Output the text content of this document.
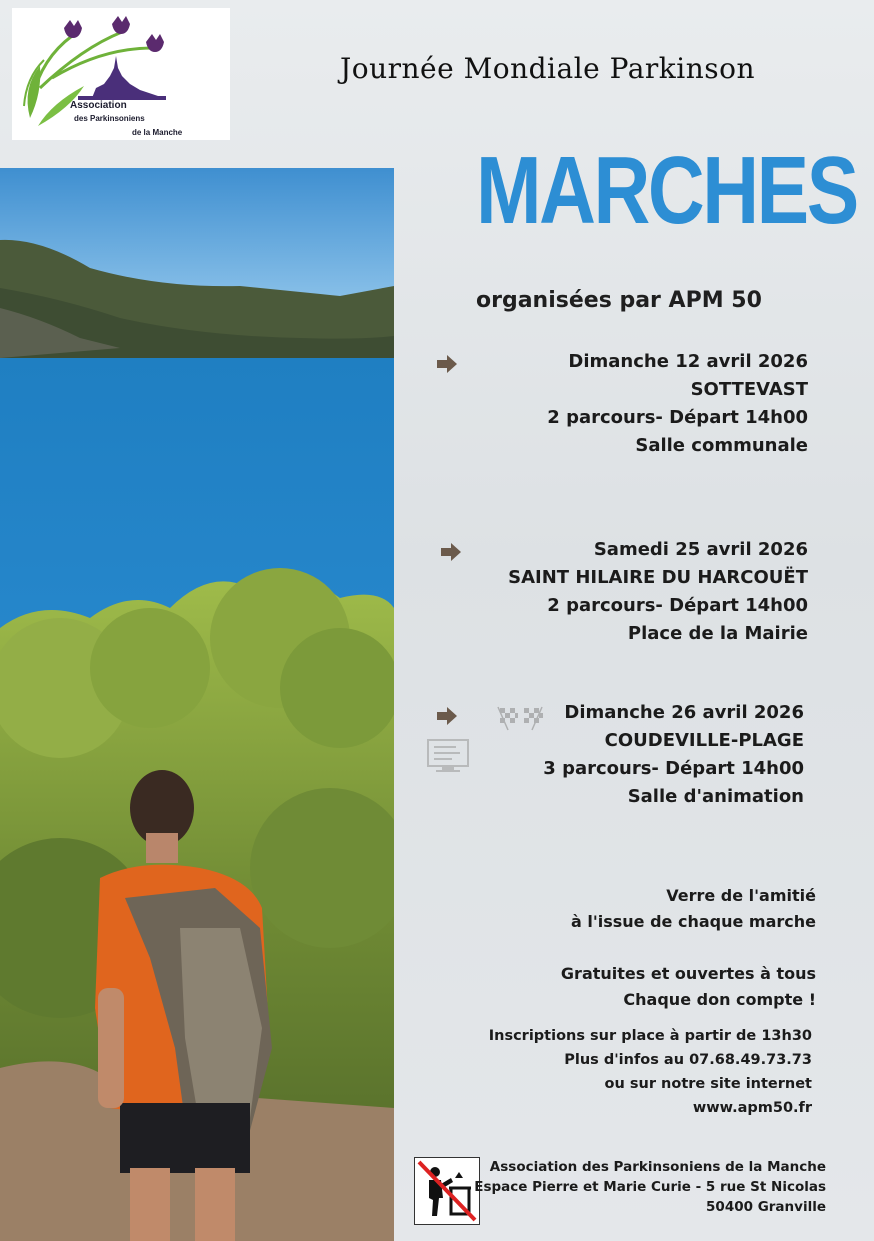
Association
des Parkinsoniens
de la Manche
Journée Mondiale Parkinson
MARCHES
organisées par APM 50
Dimanche 12 avril 2026
SOTTEVAST
2 parcours- Départ 14h00
Salle communale
Samedi 25 avril 2026
SAINT HILAIRE DU HARCOUËT
2 parcours- Départ 14h00
Place de la Mairie
Dimanche 26 avril 2026
COUDEVILLE-PLAGE
3 parcours- Départ 14h00
Salle d'animation
Verre de l'amitié
à l'issue de chaque marche
Gratuites et ouvertes à tous
Chaque don compte !
Inscriptions sur place à partir de 13h30
Plus d'infos au 07.68.49.73.73
ou sur notre site internet
www.apm50.fr
Association des Parkinsoniens de la Manche
Espace Pierre et Marie Curie - 5 rue St Nicolas
50400 Granville
